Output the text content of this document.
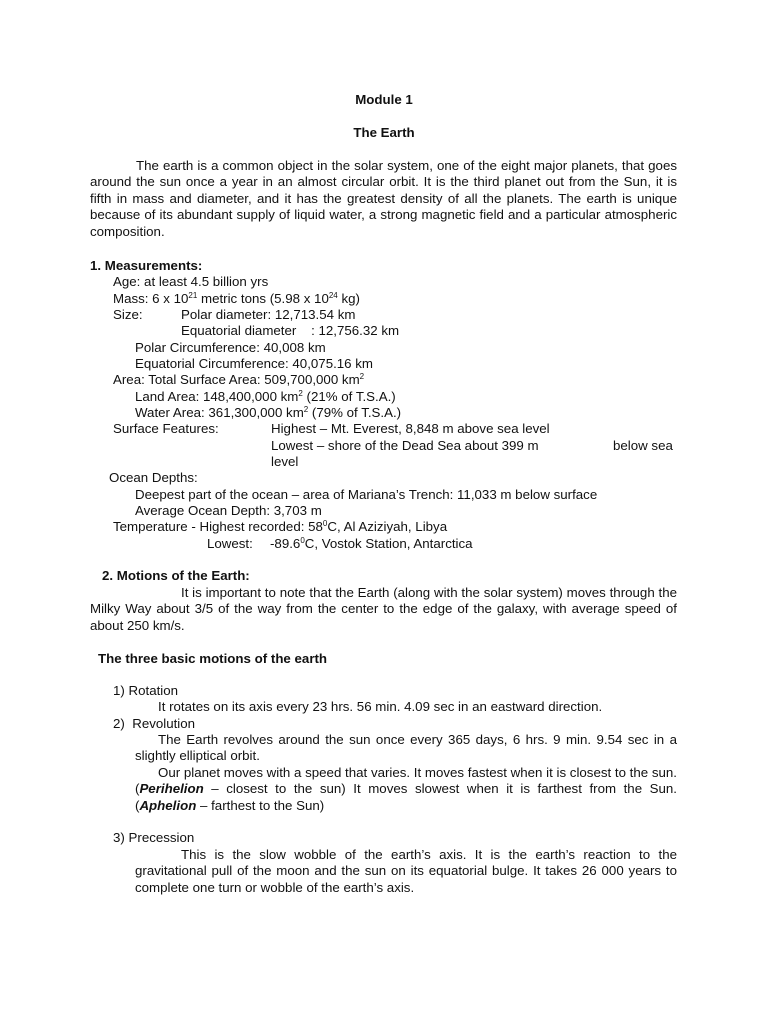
Module 1
The Earth
The earth is a common object in the solar system, one of the eight major planets, that goes around the sun once a year in an almost circular orbit. It is the third planet out from the Sun, it is fifth in mass and diameter, and it has the greatest density of all the planets. The earth is unique because of its abundant supply of liquid water, a strong magnetic field and a particular atmospheric composition.
1. Measurements:
Age: at least 4.5 billion yrs
Mass: 6 x $10^{21}$ metric tons (5.98 x $10^{24}$ kg)
Size:	Polar diameter: 12,713.54 km
Equatorial diameter    : 12,756.32 km
Polar Circumference: 40,008 km
Equatorial Circumference: 40,075.16 km
Area: Total Surface Area: 509,700,000 $km^2$
Land Area: 148,400,000 $km^2$ (21% of T.S.A.)
Water Area: 361,300,000 $km^2$ (79% of T.S.A.)
Surface Features:	Highest – Mt. Everest, 8,848 m above sea level
Lowest – shore of the Dead Sea about 399 m	below sea
level
Ocean Depths:
Deepest part of the ocean – area of Mariana’s Trench: 11,033 m below surface
Average Ocean Depth: 3,703 m
Temperature - Highest recorded: $58^0C$, Al Aziziyah, Libya
Lowest: -89.6$^0$C, Vostok Station, Antarctica
2. Motions of the Earth:
It is important to note that the Earth (along with the solar system) moves through the Milky Way about 3/5 of the way from the center to the edge of the galaxy, with average speed of about 250 km/s.
The three basic motions of the earth
1) Rotation
It rotates on its axis every 23 hrs. 56 min. 4.09 sec in an eastward direction.
2)  Revolution
The Earth revolves around the sun once every 365 days, 6 hrs. 9 min. 9.54 sec in a slightly elliptical orbit.
Our planet moves with a speed that varies. It moves fastest when it is closest to the sun. (Perihelion – closest to the sun) It moves slowest when it is farthest from the Sun. (Aphelion – farthest to the Sun)
3) Precession
This is the slow wobble of the earth’s axis. It is the earth’s reaction to the gravitational pull of the moon and the sun on its equatorial bulge. It takes 26 000 years to complete one turn or wobble of the earth’s axis.
